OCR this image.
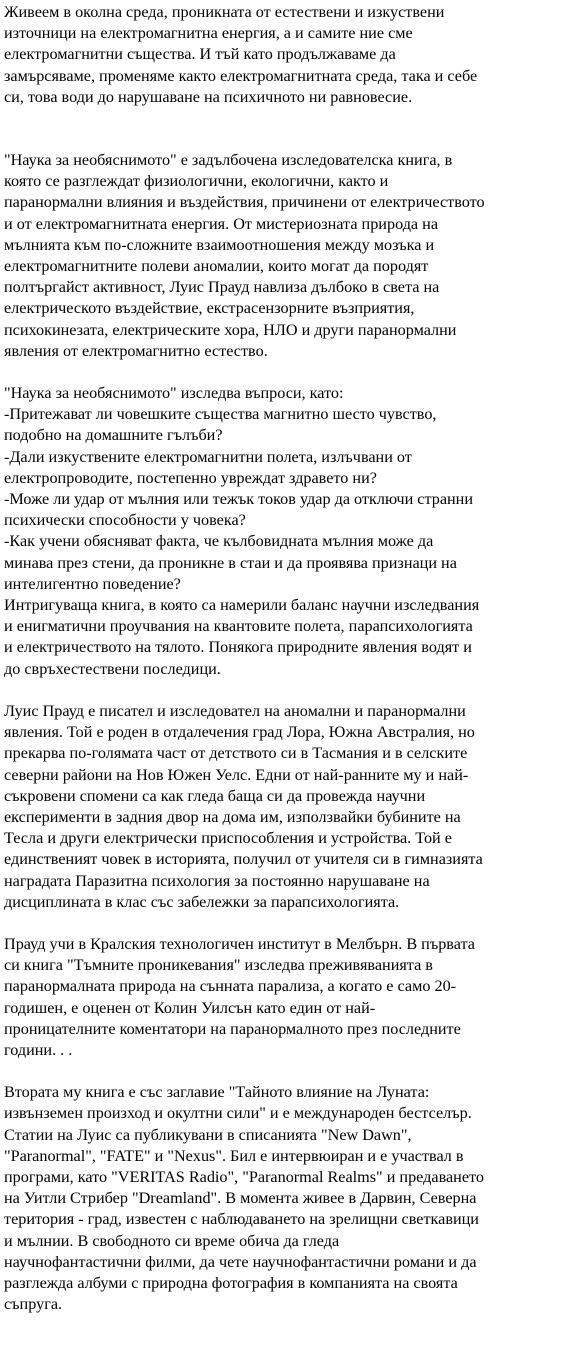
Живеем в околна среда, проникната от естествени и изкуствени
източници на електромагнитна енергия, а и самите ние сме
електромагнитни същества. И тъй като продължаваме да
замърсяваме, променяме както електромагнитната среда, така и себе
си, това води до нарушаване на психичното ни равновесие.

"Наука за необяснимото" е задълбочена изследователска книга, в
която се разглеждат физиологични, екологични, както и
паранормални влияния и въздействия, причинени от електричеството
и от електромагнитната енергия. От мистериозната природа на
мълнията към по-сложните взаимоотношения между мозъка и
електромагнитните полеви аномалии, които могат да породят
полтъргайст активност, Луис Прауд навлиза дълбоко в света на
електрическото въздействие, екстрасензорните възприятия,
психокинезата, електрическите хора, НЛО и други паранормални
явления от електромагнитно естество.

"Наука за необяснимото" изследва въпроси, като:
-Притежават ли човешките същества магнитно шесто чувство,
подобно на домашните гълъби?
-Дали изкуствените електромагнитни полета, излъчвани от
електропроводите, постепенно увреждат здравето ни?
-Може ли удар от мълния или тежък токов удар да отключи странни
психически способности у човека?
-Как учени обясняват факта, че кълбовидната мълния може да
минава през стени, да проникне в стаи и да проявява признаци на
интелигентно поведение?
Интригуваща книга, в която са намерили баланс научни изследвания
и енигматични проучвания на квантовите полета, парапсихологията
и електричеството на тялото. Понякога природните явления водят и
до свръхестествени последици.

Луис Прауд е писател и изследовател на аномални и паранормални
явления. Той е роден в отдалечения град Лора, Южна Австралия, но
прекарва по-голямата част от детството си в Тасмания и в селските
северни райони на Нов Южен Уелс. Едни от най-ранните му и най-
съкровени спомени са как гледа баща си да провежда научни
експерименти в задния двор на дома им, използвайки бубините на
Тесла и други електрически приспособления и устройства. Той е
единственият човек в историята, получил от учителя си в гимназията
наградата Паразитна психология за постоянно нарушаване на
дисциплината в клас със забележки за парапсихологията.

Прауд учи в Кралския технологичен институт в Мелбърн. В първата
си книга "Тъмните проникевания" изследва преживяванията в
паранормалната природа на сънната парализа, а когато е само 20-
годишен, е оценен от Колин Уилсън като един от най-
проницателните коментатори на паранормалното през последните
години. . .

Втората му книга е със заглавие "Тайното влияние на Луната:
извънземен произход и окултни сили" и е международен бестселър.
Статии на Луис са публикувани в списанията "New Dawn",
"Paranormal", "FATE" и "Nexus". Бил е интервюиран и е участвал в
програми, като "VERITAS Radio", "Paranormal Realms" и предаването
на Уитли Стрибер "Dreamland". В момента живее в Дарвин, Северна
територия - град, известен с наблюдаването на зрелищни светкавици
и мълнии. В свободното си време обича да гледа
научнофантастични филми, да чете научнофантастични романи и да
разглежда албуми с природна фотография в компанията на своята
съпруга.
